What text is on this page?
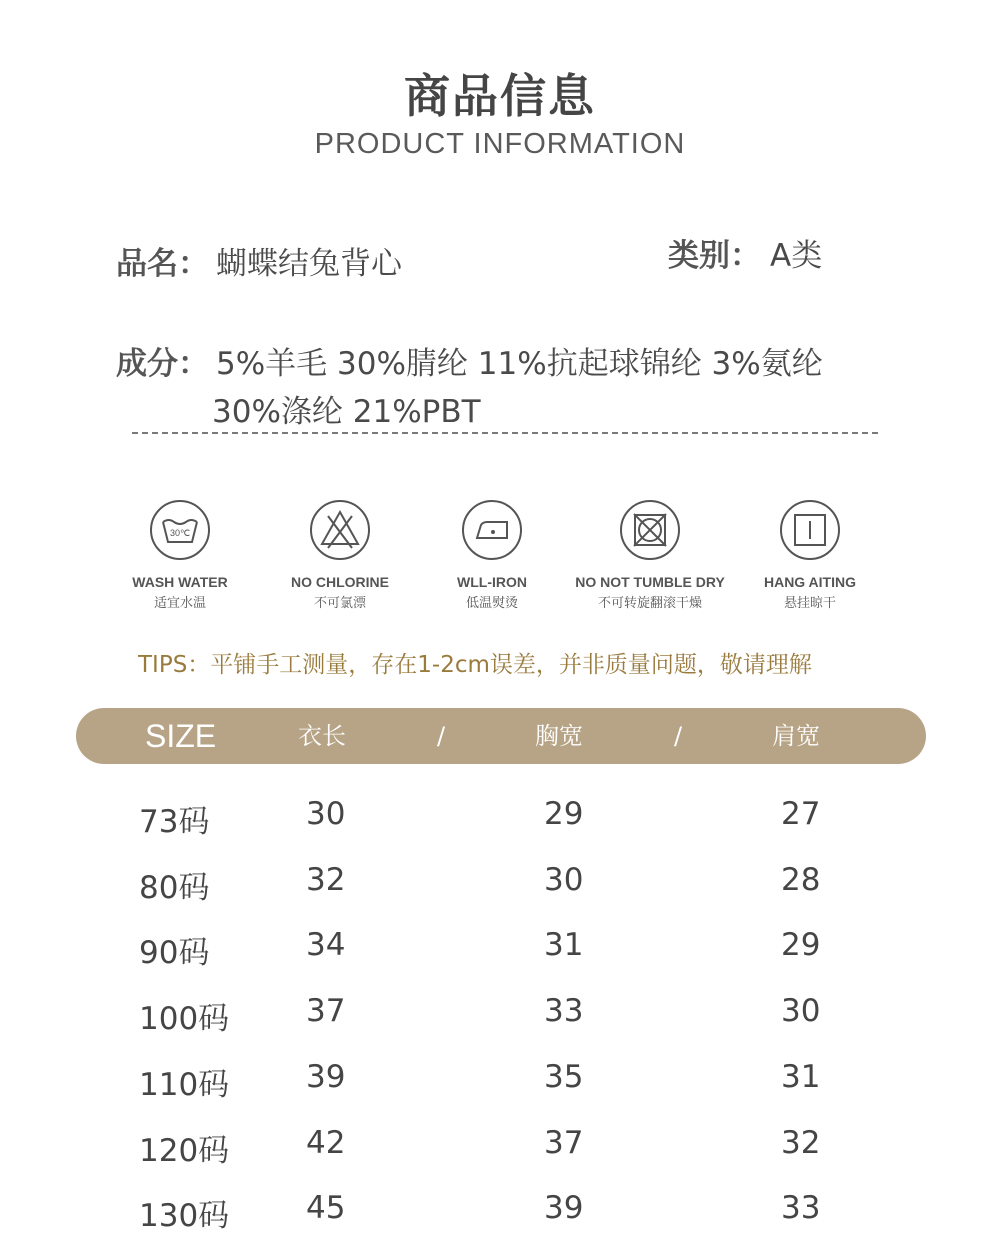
商品信息
PRODUCT INFORMATION
品名： 蝴蝶结兔背心	类别： A类
成分： 5%羊毛 30%腈纶 11%抗起球锦纶 3%氨纶
30%涤纶 21%PBT
30℃
WASH WATER
适宜水温
NO CHLORINE
不可氯漂
WLL-IRON
低温熨烫
NO NOT TUMBLE DRY
不可转旋翻滚干燥
HANG AITING
悬挂晾干
TIPS：平铺手工测量，存在1-2cm误差，并非质量问题，敬请理解
SIZE	衣长	/	胸宽	/	肩宽
73码	30	29	27
80码	32	30	28
90码	34	31	29
100码 37	33	30
110码 39	35	31
120码 42	37	32
130码 45	39	33
